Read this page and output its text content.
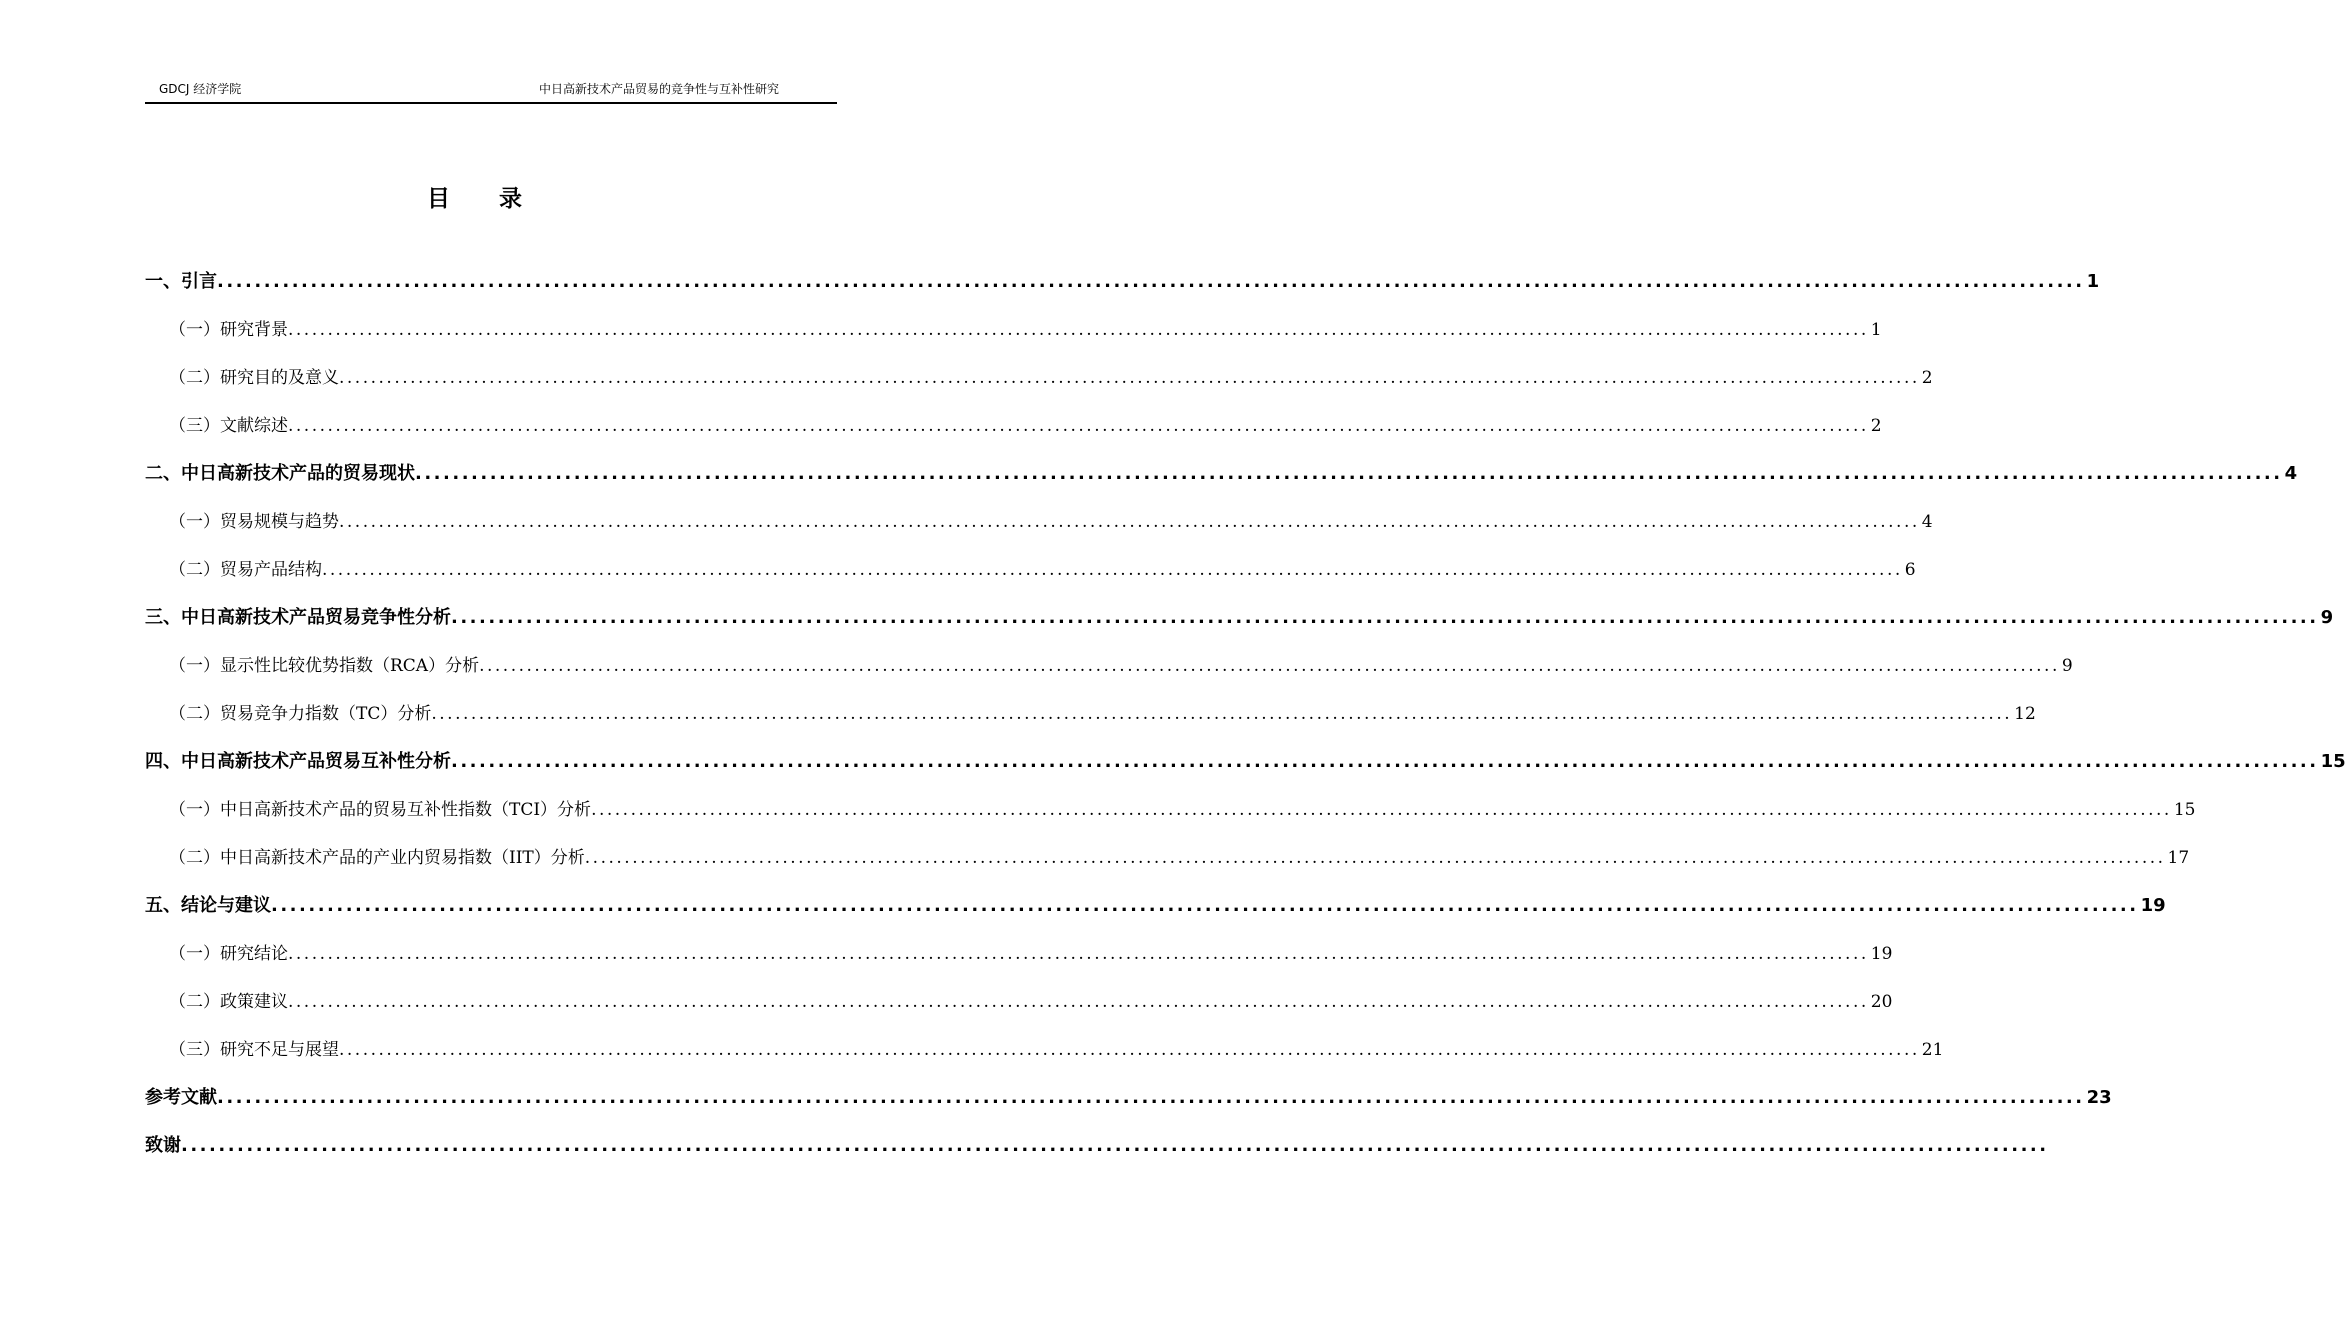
GDCJ 经济学院	中日高新技术产品贸易的竞争性与互补性研究
目 录
一、引言 ........................................................................................................................................................................................................ 1
（一）研究背景 ........................................................................................................................................................................................................ 1
（二）研究目的及意义 ........................................................................................................................................................................................................ 2
（三）文献综述 ........................................................................................................................................................................................................ 2
二、中日高新技术产品的贸易现状 ........................................................................................................................................................................................................ 4
（一）贸易规模与趋势 ........................................................................................................................................................................................................ 4
（二）贸易产品结构 ........................................................................................................................................................................................................ 6
三、中日高新技术产品贸易竞争性分析 ........................................................................................................................................................................................................ 9
（一）显示性比较优势指数（RCA）分析 ........................................................................................................................................................................................................ 9
（二）贸易竞争力指数（TC）分析 ........................................................................................................................................................................................................ 12
四、中日高新技术产品贸易互补性分析 ........................................................................................................................................................................................................ 15
（一）中日高新技术产品的贸易互补性指数（TCI）分析 ........................................................................................................................................................................................................ 15
（二）中日高新技术产品的产业内贸易指数（IIT）分析 ........................................................................................................................................................................................................ 17
五、结论与建议 ........................................................................................................................................................................................................ 19
（一）研究结论 ........................................................................................................................................................................................................ 19
（二）政策建议 ........................................................................................................................................................................................................ 20
（三）研究不足与展望 ........................................................................................................................................................................................................ 21
参考文献 ........................................................................................................................................................................................................ 23
致谢 ........................................................................................................................................................................................................
